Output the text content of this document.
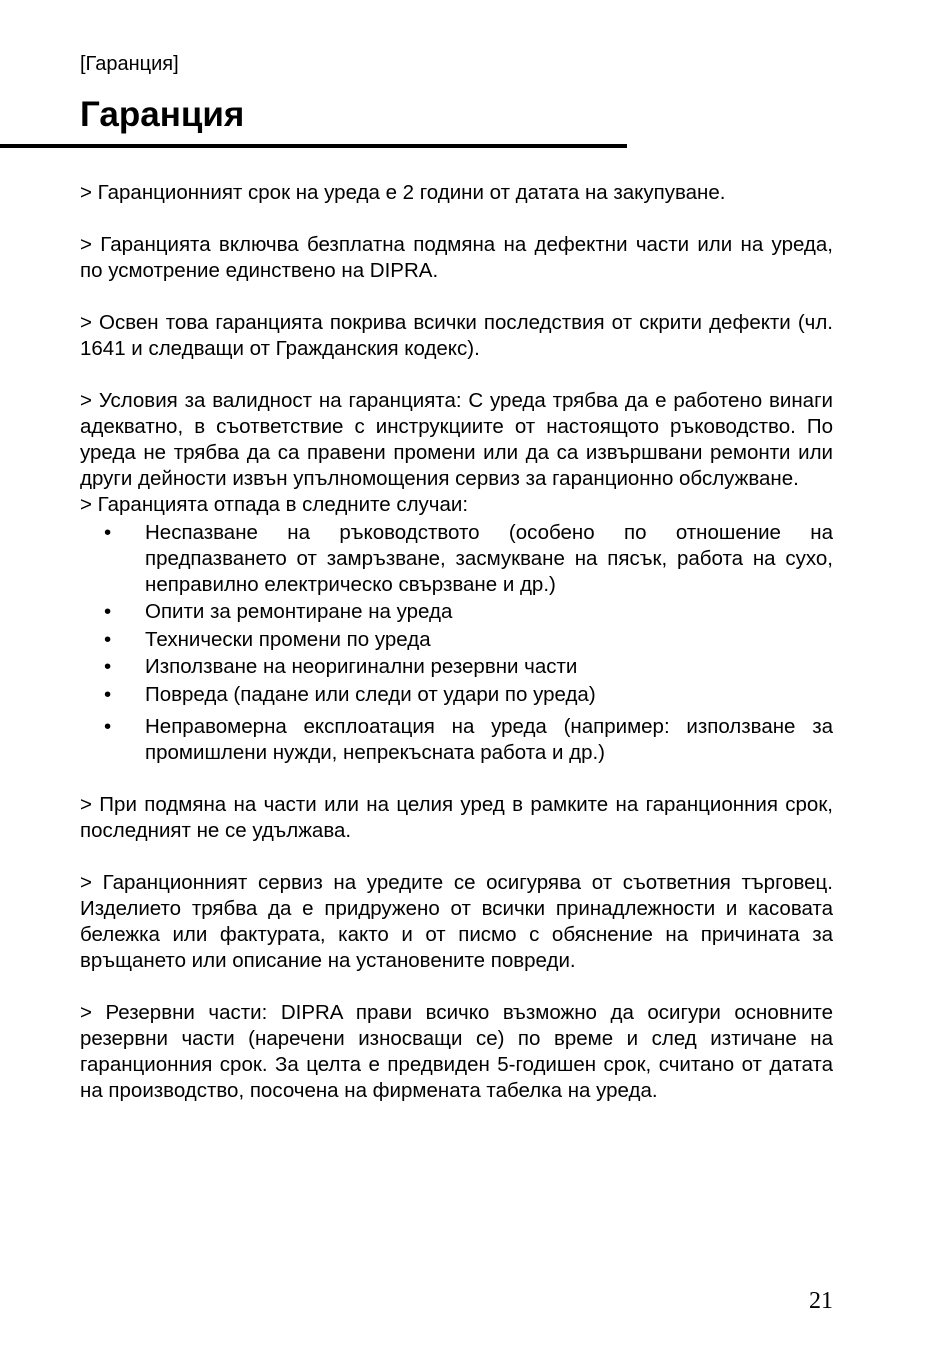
[Гаранция]
Гаранция

> Гаранционният срок на уреда е 2 години от датата на закупуване.

> Гаранцията включва безплатна подмяна на дефектни части или на уреда, по усмотрение единствено на DIPRA.

> Освен това гаранцията покрива всички последствия от скрити дефекти (чл. 1641 и следващи от Гражданския кодекс).

> Условия за валидност на гаранцията: С уреда трябва да е работено винаги адекватно, в съответствие с инструкциите от настоящото ръководство. По уреда не трябва да са правени промени или да са извършвани ремонти или други дейности извън упълномощения сервиз за гаранционно обслужване.

> Гаранцията отпада в следните случаи:

• Неспазване на ръководството (особено по отношение на предпазването от замръзване, засмукване на пясък, работа на сухо, неправилно електрическо свързване и др.)
• Опити за ремонтиране на уреда
• Технически промени по уреда
• Използване на неоригинални резервни части
• Повреда (падане или следи от удари по уреда)
• Неправомерна експлоатация на уреда (например: използване за промишлени нужди, непрекъсната работа и др.)

> При подмяна на части или на целия уред в рамките на гаранционния срок, последният не се удължава.

> Гаранционният сервиз на уредите се осигурява от съответния търговец. Изделието трябва да е придружено от всички принадлежности и касовата бележка или фактурата, както и от писмо с обяснение на причината за връщането или описание на установените повреди.

> Резервни части: DIPRA прави всичко възможно да осигури основните резервни части (наречени износващи се) по време и след изтичане на гаранционния срок. За целта е предвиден 5-годишен срок, считано от датата на производство, посочена на фирмената табелка на уреда.

21
